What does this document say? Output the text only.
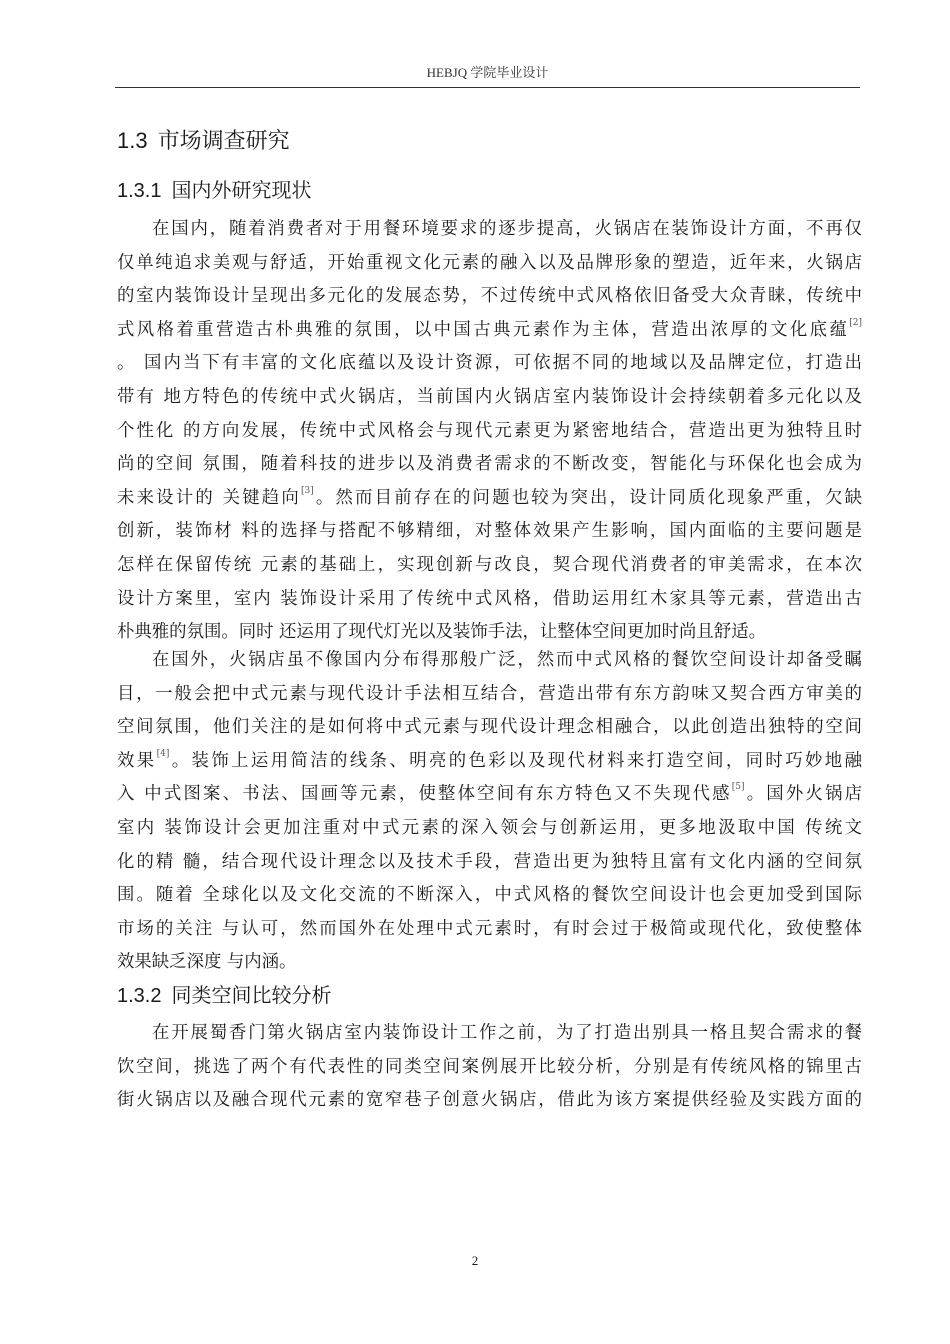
HEBJQ 学院毕业设计
1.3 市场调查研究
1.3.1 国内外研究现状
在国内，随着消费者对于用餐环境要求的逐步提高，火锅店在装饰设计方面，不再仅
仅单纯追求美观与舒适，开始重视文化元素的融入以及品牌形象的塑造，近年来，火锅店
的室内装饰设计呈现出多元化的发展态势，不过传统中式风格依旧备受大众青睐，传统中
式风格着重营造古朴典雅的氛围，以中国古典元素作为主体，营造出浓厚的文化底蕴[2]
。 国内当下有丰富的文化底蕴以及设计资源，可依据不同的地域以及品牌定位，打造出
带有 地方特色的传统中式火锅店，当前国内火锅店室内装饰设计会持续朝着多元化以及
个性化 的方向发展，传统中式风格会与现代元素更为紧密地结合，营造出更为独特且时
尚的空间 氛围，随着科技的进步以及消费者需求的不断改变，智能化与环保化也会成为
未来设计的 关键趋向[3]。然而目前存在的问题也较为突出，设计同质化现象严重，欠缺
创新，装饰材 料的选择与搭配不够精细，对整体效果产生影响，国内面临的主要问题是
怎样在保留传统 元素的基础上，实现创新与改良，契合现代消费者的审美需求，在本次
设计方案里，室内 装饰设计采用了传统中式风格，借助运用红木家具等元素，营造出古
朴典雅的氛围。同时 还运用了现代灯光以及装饰手法，让整体空间更加时尚且舒适。
在国外，火锅店虽不像国内分布得那般广泛，然而中式风格的餐饮空间设计却备受瞩
目，一般会把中式元素与现代设计手法相互结合，营造出带有东方韵味又契合西方审美的
空间氛围，他们关注的是如何将中式元素与现代设计理念相融合，以此创造出独特的空间
效果[4]。装饰上运用简洁的线条、明亮的色彩以及现代材料来打造空间，同时巧妙地融
入 中式图案、书法、国画等元素，使整体空间有东方特色又不失现代感[5]。国外火锅店
室内 装饰设计会更加注重对中式元素的深入领会与创新运用，更多地汲取中国 传统文
化的精 髓，结合现代设计理念以及技术手段，营造出更为独特且富有文化内涵的空间氛
围。随着 全球化以及文化交流的不断深入，中式风格的餐饮空间设计也会更加受到国际
市场的关注 与认可，然而国外在处理中式元素时，有时会过于极简或现代化，致使整体
效果缺乏深度 与内涵。
1.3.2 同类空间比较分析
在开展蜀香门第火锅店室内装饰设计工作之前，为了打造出别具一格且契合需求的餐
饮空间，挑选了两个有代表性的同类空间案例展开比较分析，分别是有传统风格的锦里古
街火锅店以及融合现代元素的宽窄巷子创意火锅店，借此为该方案提供经验及实践方面的
2
